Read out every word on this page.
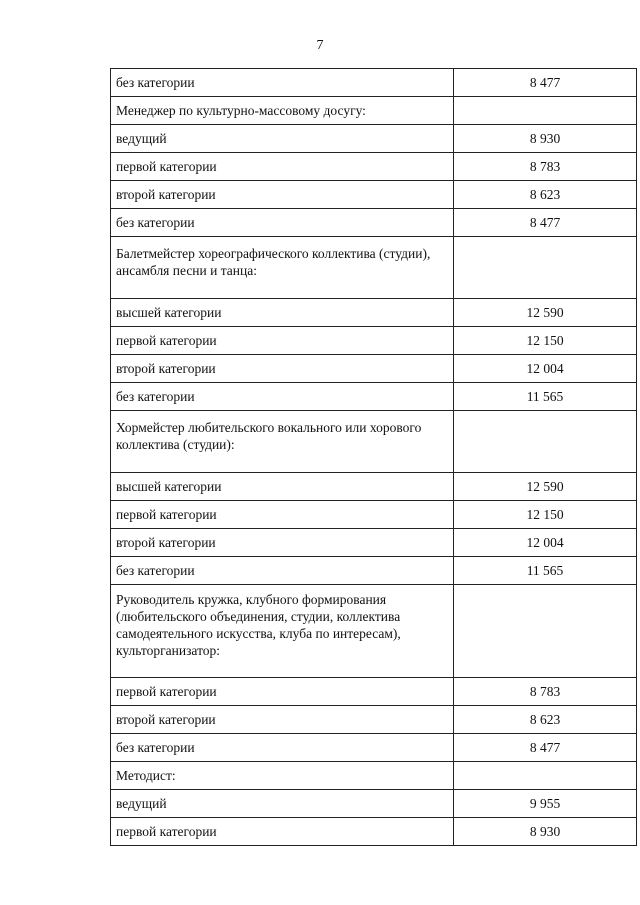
7
без категории	8 477
Менеджер по культурно-массовому досугу:	
ведущий	8 930
первой категории	8 783
второй категории	8 623
без категории	8 477
Балетмейстер хореографического коллектива (студии), ансамбля песни и танца:	
высшей категории	12 590
первой категории	12 150
второй категории	12 004
без категории	11 565
Хормейстер любительского вокального или хорового коллектива (студии):	
высшей категории	12 590
первой категории	12 150
второй категории	12 004
без категории	11 565
Руководитель кружка, клубного формирования (любительского объединения, студии, коллектива самодеятельного искусства, клуба по интересам), культорганизатор:	
первой категории	8 783
второй категории	8 623
без категории	8 477
Методист:	
ведущий	9 955
первой категории	8 930
